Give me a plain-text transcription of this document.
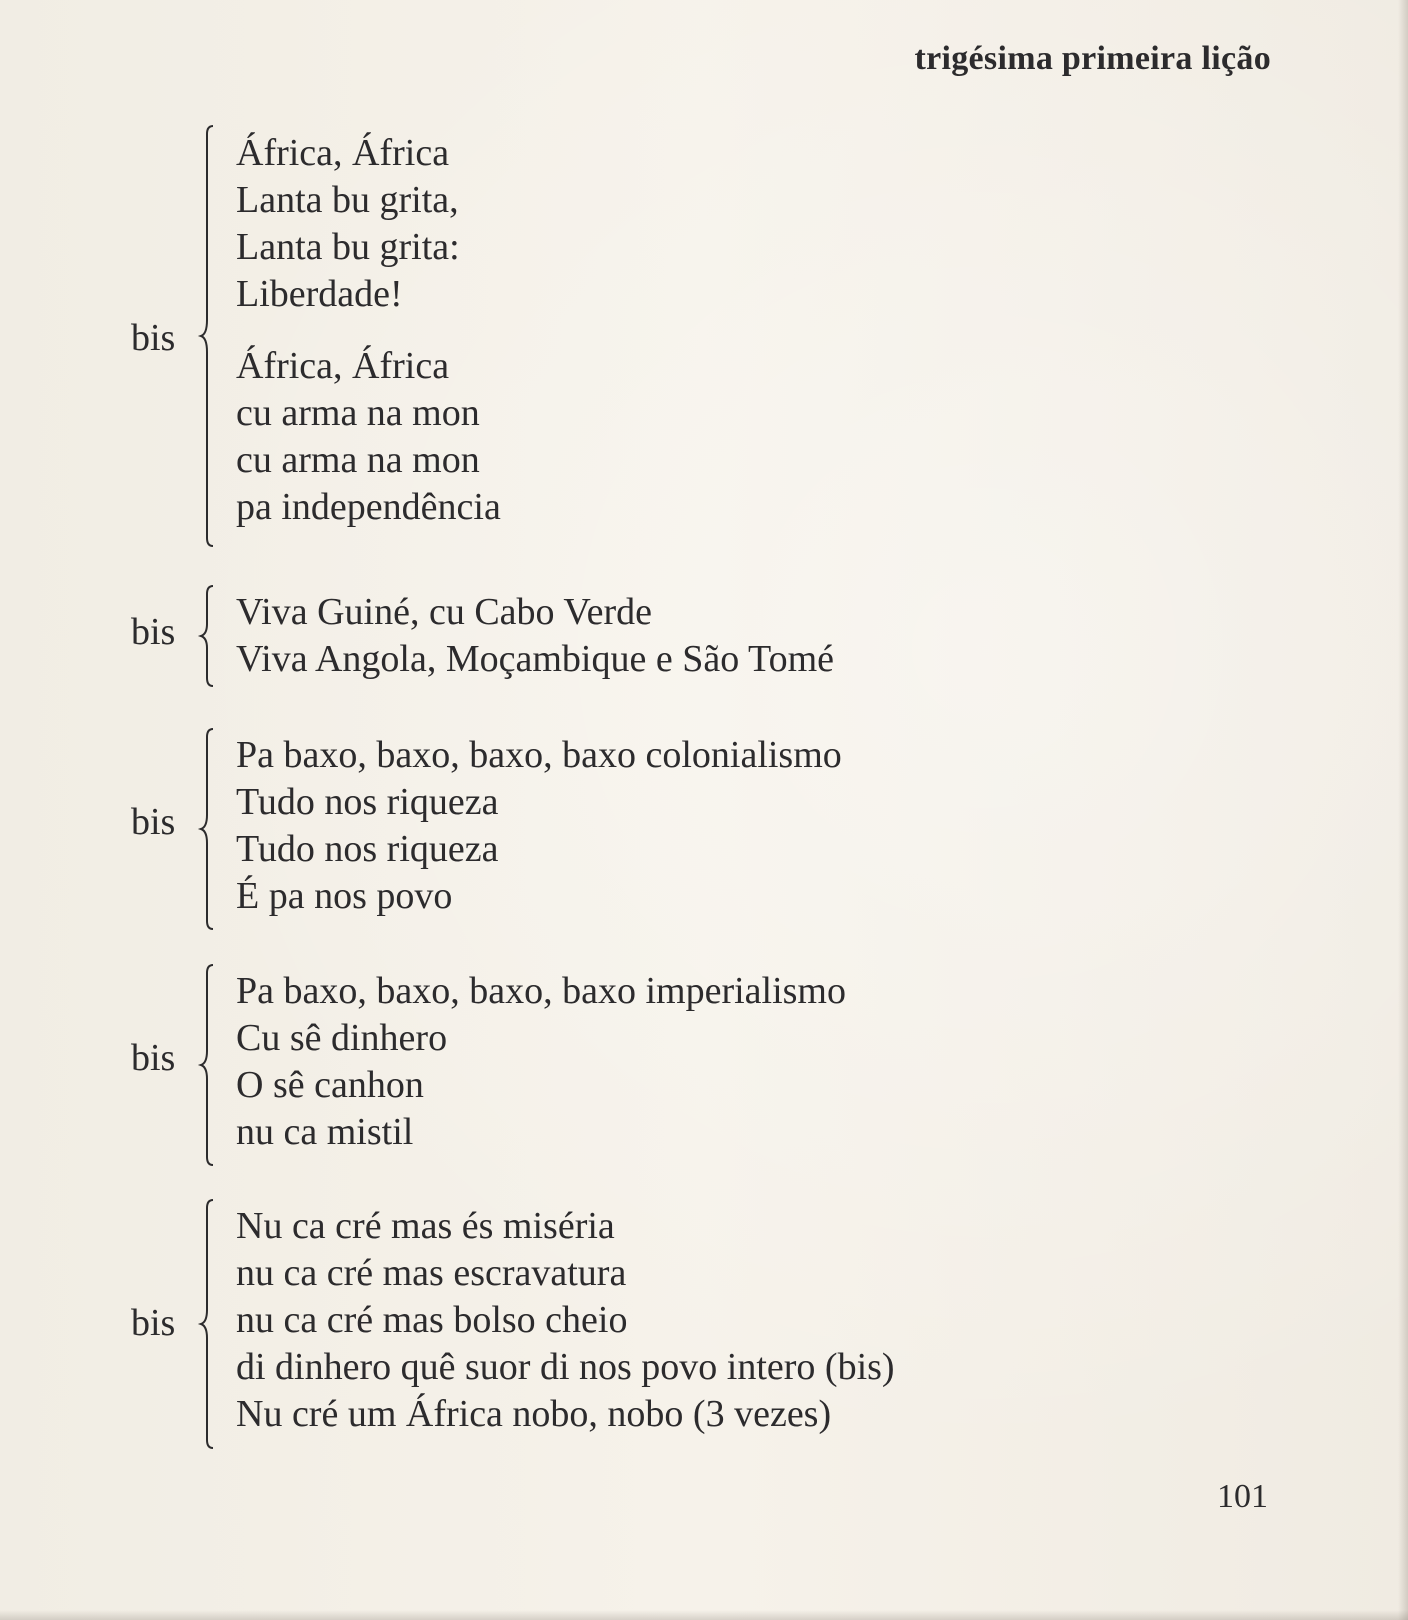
trigésima primeira lição
bis
África, África
Lanta bu grita,
Lanta bu grita:
Liberdade!
África, África
cu arma na mon
cu arma na mon
pa independência
bis Viva Guiné, cu Cabo Verde
Viva Angola, Moçambique e São Tomé
bis
Pa baxo, baxo, baxo, baxo colonialismo
Tudo nos riqueza
Tudo nos riqueza
É pa nos povo
bis
Pa baxo, baxo, baxo, baxo imperialismo
Cu sê dinhero
O sê canhon
nu ca mistil
bis
Nu ca cré mas és miséria
nu ca cré mas escravatura
nu ca cré mas bolso cheio
di dinhero quê suor di nos povo intero (bis)
Nu cré um África nobo, nobo (3 vezes)
101
